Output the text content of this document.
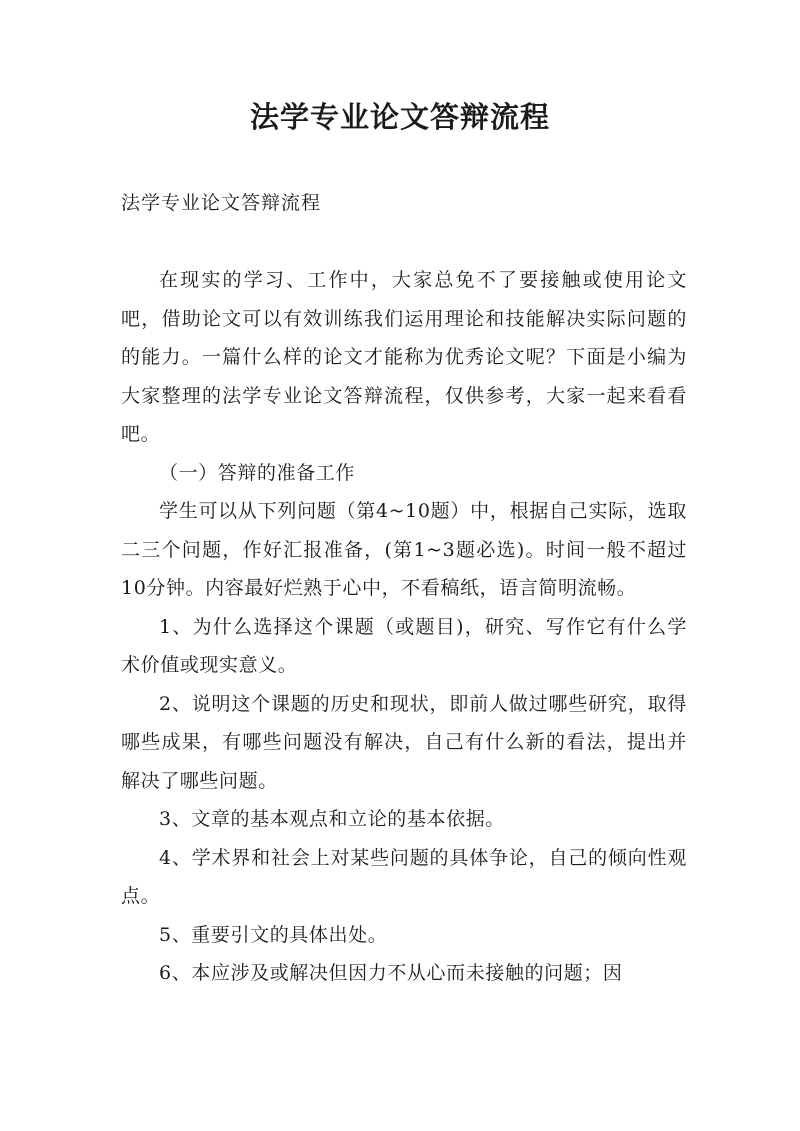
法学专业论文答辩流程

法学专业论文答辩流程

在现实的学习、工作中，大家总免不了要接触或使用论文吧，借助论文可以有效训练我们运用理论和技能解决实际问题的的能力。一篇什么样的论文才能称为优秀论文呢？下面是小编为大家整理的法学专业论文答辩流程，仅供参考，大家一起来看看吧。

（一）答辩的准备工作

学生可以从下列问题（第4~10题）中，根据自己实际，选取二三个问题，作好汇报准备，(第1~3题必选)。时间一般不超过10分钟。内容最好烂熟于心中，不看稿纸，语言简明流畅。

1、为什么选择这个课题（或题目)，研究、写作它有什么学术价值或现实意义。

2、说明这个课题的历史和现状，即前人做过哪些研究，取得哪些成果，有哪些问题没有解决，自己有什么新的看法，提出并解决了哪些问题。

3、文章的基本观点和立论的基本依据。

4、学术界和社会上对某些问题的具体争论，自己的倾向性观点。

5、重要引文的具体出处。

6、本应涉及或解决但因力不从心而未接触的问题；因
